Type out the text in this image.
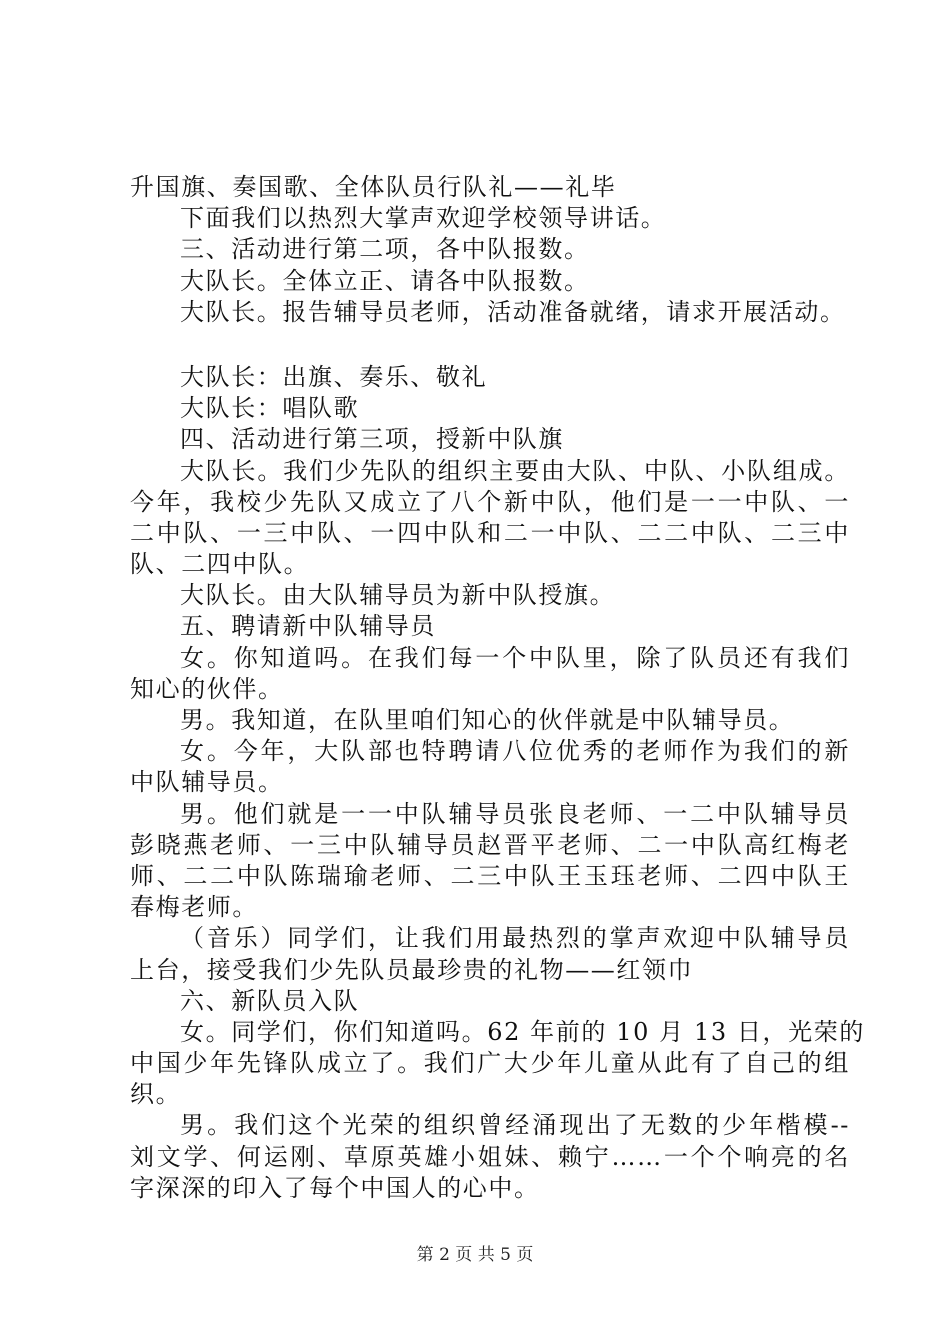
升国旗、奏国歌、全体队员行队礼——礼毕
下面我们以热烈大掌声欢迎学校领导讲话。
三、活动进行第二项，各中队报数。
大队长。全体立正、请各中队报数。
大队长。报告辅导员老师，活动准备就绪，请求开展活动。
大队长：出旗、奏乐、敬礼
大队长：唱队歌
四、活动进行第三项，授新中队旗
大队长。我们少先队的组织主要由大队、中队、小队组成。
今年，我校少先队又成立了八个新中队，他们是一一中队、一
二中队、一三中队、一四中队和二一中队、二二中队、二三中
队、二四中队。
大队长。由大队辅导员为新中队授旗。
五、聘请新中队辅导员
女。你知道吗。在我们每一个中队里，除了队员还有我们
知心的伙伴。
男。我知道，在队里咱们知心的伙伴就是中队辅导员。
女。今年，大队部也特聘请八位优秀的老师作为我们的新
中队辅导员。
男。他们就是一一中队辅导员张良老师、一二中队辅导员
彭晓燕老师、一三中队辅导员赵晋平老师、二一中队高红梅老
师、二二中队陈瑞瑜老师、二三中队王玉珏老师、二四中队王
春梅老师。
（音乐）同学们，让我们用最热烈的掌声欢迎中队辅导员
上台，接受我们少先队员最珍贵的礼物——红领巾
六、新队员入队
女。同学们，你们知道吗。62 年前的 10 月 13 日，光荣的
中国少年先锋队成立了。我们广大少年儿童从此有了自己的组
织。
男。我们这个光荣的组织曾经涌现出了无数的少年楷模--
刘文学、何运刚、草原英雄小姐妹、赖宁……一个个响亮的名
字深深的印入了每个中国人的心中。
第 2 页 共 5 页
